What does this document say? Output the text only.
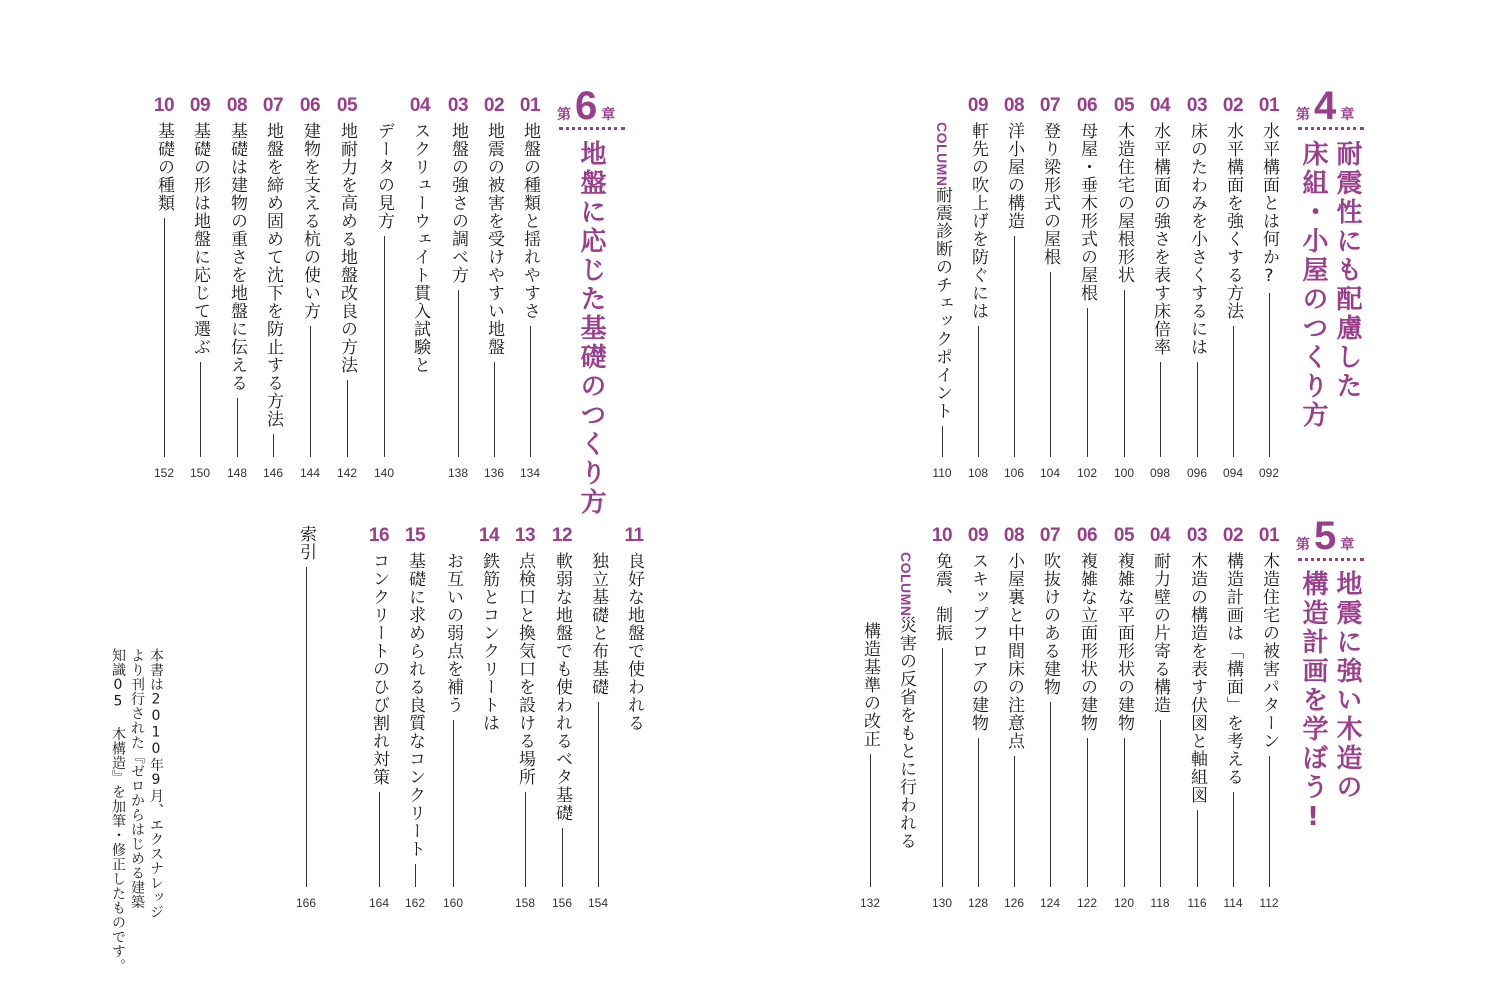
第 4 章
耐震性にも配慮した
床組・小屋のつくり方
01
水平構面とは何か?
092
02
水平構面を強くする方法
094
03
床のたわみを小さくするには
096
04
水平構面の強さを表す床倍率
098
05
木造住宅の屋根形状
100
06
母屋・垂木形式の屋根
102
07
登り梁形式の屋根
104
08
洋小屋の構造
106
09
軒先の吹上げを防ぐには
108
COLUMN
耐震診断のチェックポイント
110
第 6 章
地盤に応じた基礎のつくり方
01
地盤の種類と揺れやすさ
134
02
地震の被害を受けやすい地盤
136
03
地盤の強さの調べ方
138
04
スクリューウェイト貫入試験と
データの見方
140
05
地耐力を高める地盤改良の方法
142
06
建物を支える杭の使い方
144
07
地盤を締め固めて沈下を防止する方法
146
08
基礎は建物の重さを地盤に伝える
148
09
基礎の形は地盤に応じて選ぶ
150
10
基礎の種類
152
11
良好な地盤で使われる
独立基礎と布基礎
154
12
軟弱な地盤でも使われるベタ基礎
156
13
点検口と換気口を設ける場所
158
14
鉄筋とコンクリートは
お互いの弱点を補う
160
15
基礎に求められる良質なコンクリート
162
16
コンクリートのひび割れ対策
164
索引
166
本書は2010年9月、エクスナレッジ
より刊行された『ゼロからはじめる建築
知識05 木構造』を加筆・修正したものです。
第 5 章
地震に強い木造の
構造計画を学ぼう!
01
木造住宅の被害パターン
112
02
構造計画は「構面」を考える
114
03
木造の構造を表す伏図と軸組図
116
04
耐力壁の片寄る構造
118
05
複雑な平面形状の建物
120
06
複雑な立面形状の建物
122
07
吹抜けのある建物
124
08
小屋裏と中間床の注意点
126
09
スキップフロアの建物
128
10
免震、制振
130
COLUMN
災害の反省をもとに行われる
構造基準の改正
132
